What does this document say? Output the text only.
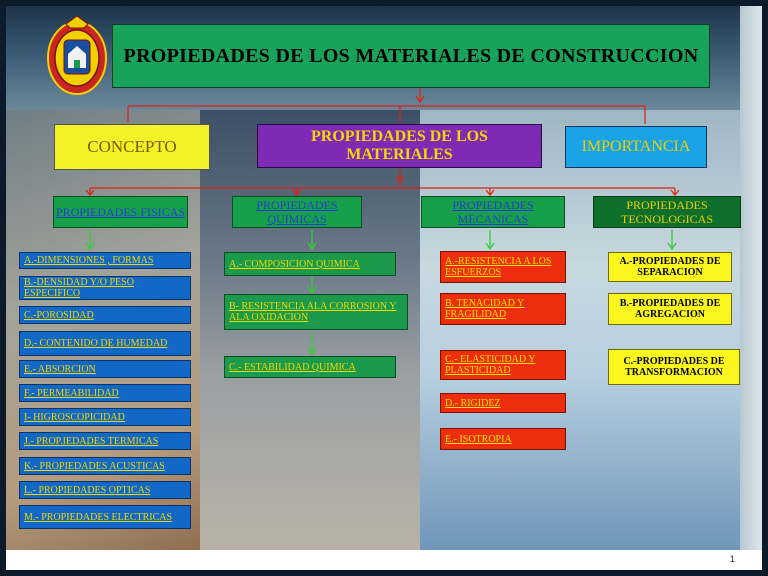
PROPIEDADES DE LOS MATERIALES DE CONSTRUCCION
CONCEPTO
PROPIEDADES DE LOS MATERIALES	IMPORTANCIA
PROPIEDADES FISICAS	PROPIEDADES QUIMICAS
PROPIEDADES MECANICAS
PROPIEDADES TECNOLOGICAS
A.-DIMENSIONES , FORMAS
B.-DENSIDAD Y/O PESO ESPECIFICO
C.-POROSIDAD
D.- CONTENIDO DE HUMEDAD
E.- ABSORCION
F.- PERMEABILIDAD
I- HIGROSCOPICIDAD
J.- PROP.IEDADES TERMICAS
K.- PROPIEDADES ACUSTICAS
L.- PROPIEDADES OPTICAS
M.- PROPIEDADES ELECTRICAS
A.- COMPOSICION QUIMICA
B- RESISTENCIA ALA CORROSION Y ALA OXIDACION
C.- ESTABILIDAD QUIMICA
A.-RESISTENCIA A LOS ESFUERZOS
B. TENACIDAD Y FRAGILIDAD
C.- ELASTICIDAD Y PLASTICIDAD
D.- RIGIDEZ
E.- ISOTROPIA
A.-PROPIEDADES DE SEPARACION
B.-PROPIEDADES DE AGREGACION
C.-PROPIEDADES DE TRANSFORMACION
1
